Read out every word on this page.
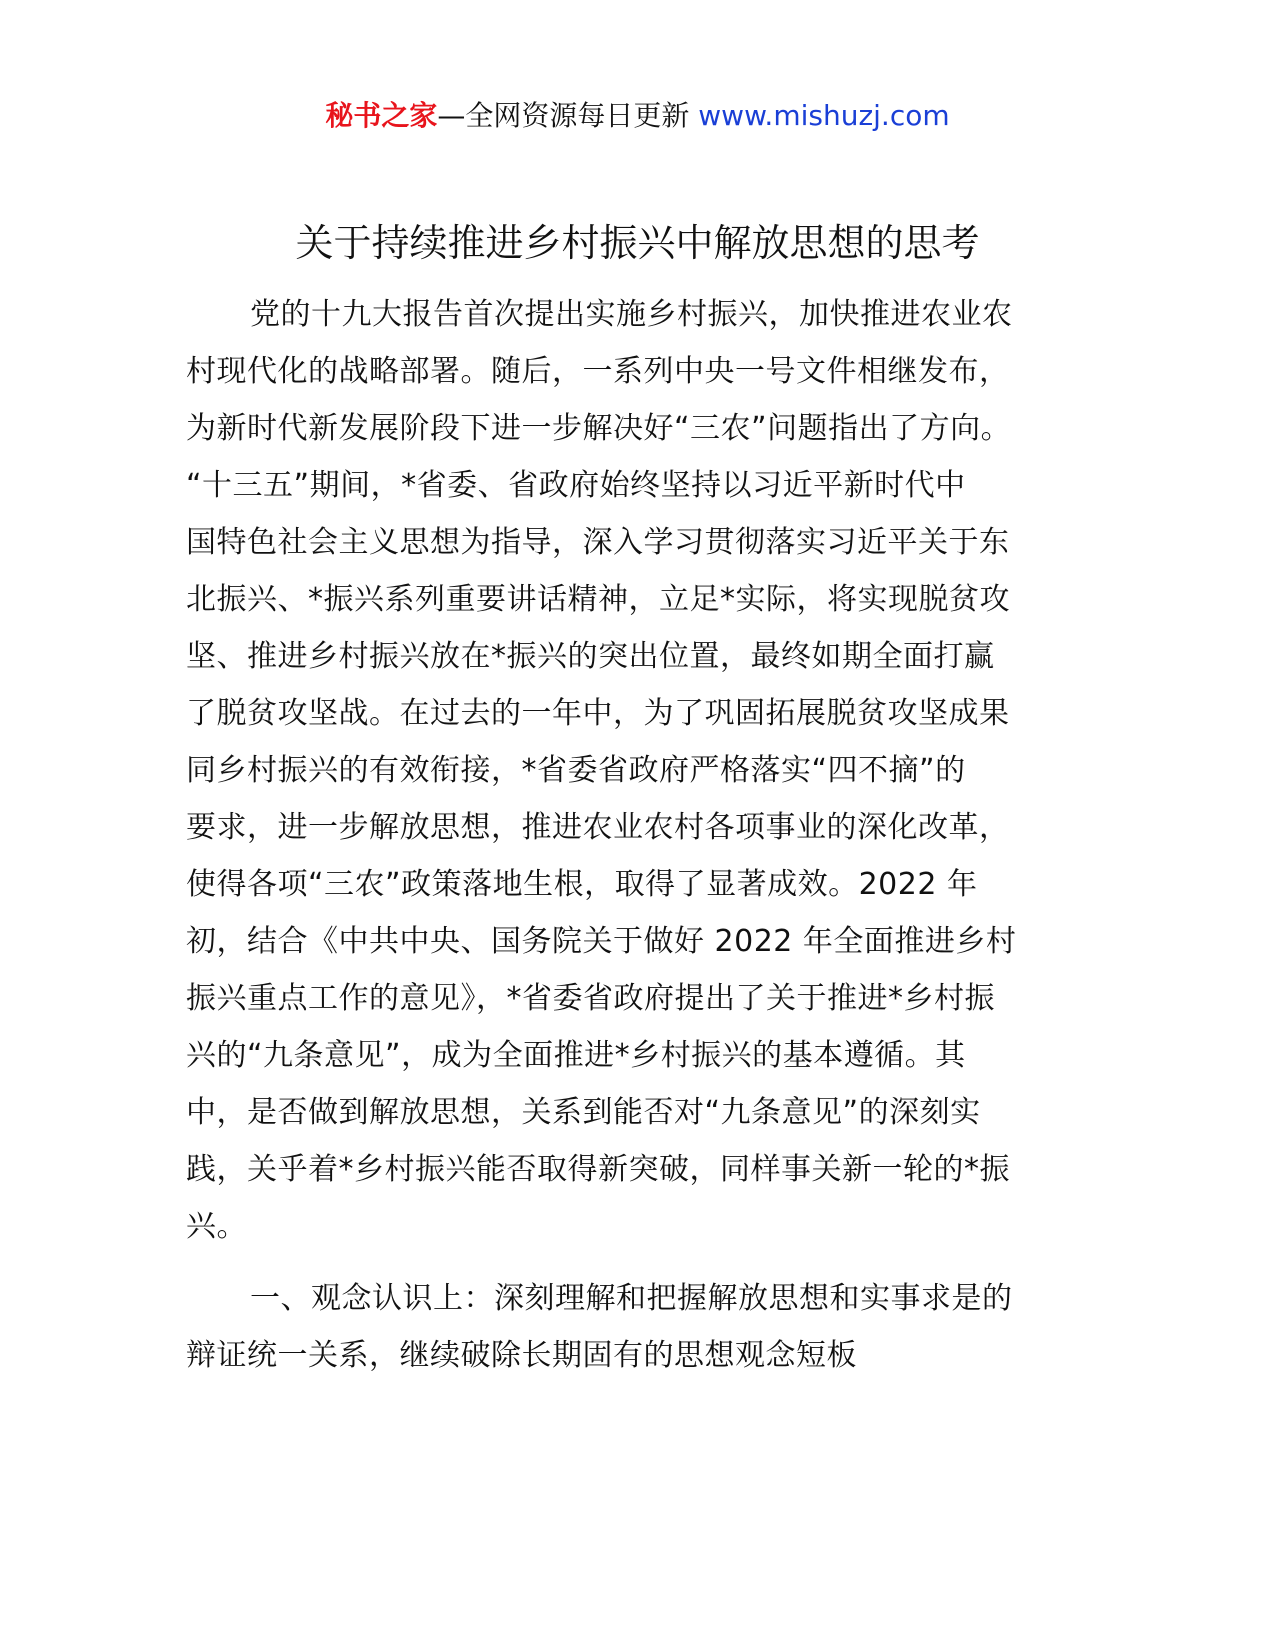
秘书之家—全网资源每日更新 www.mishuzj.com
关于持续推进乡村振兴中解放思想的思考
党的十九大报告首次提出实施乡村振兴，加快推进农业农
村现代化的战略部署。随后，一系列中央一号文件相继发布，
为新时代新发展阶段下进一步解决好“三农”问题指出了方向。
“十三五”期间，*省委、省政府始终坚持以习近平新时代中
国特色社会主义思想为指导，深入学习贯彻落实习近平关于东
北振兴、*振兴系列重要讲话精神，立足*实际，将实现脱贫攻
坚、推进乡村振兴放在*振兴的突出位置，最终如期全面打赢
了脱贫攻坚战。在过去的一年中，为了巩固拓展脱贫攻坚成果
同乡村振兴的有效衔接，*省委省政府严格落实“四不摘”的
要求，进一步解放思想，推进农业农村各项事业的深化改革，
使得各项“三农”政策落地生根，取得了显著成效。2022 年
初，结合《中共中央、国务院关于做好 2022 年全面推进乡村
振兴重点工作的意见》，*省委省政府提出了关于推进*乡村振
兴的“九条意见”，成为全面推进*乡村振兴的基本遵循。其
中，是否做到解放思想，关系到能否对“九条意见”的深刻实
践，关乎着*乡村振兴能否取得新突破，同样事关新一轮的*振
兴。
一、观念认识上：深刻理解和把握解放思想和实事求是的
辩证统一关系，继续破除长期固有的思想观念短板
